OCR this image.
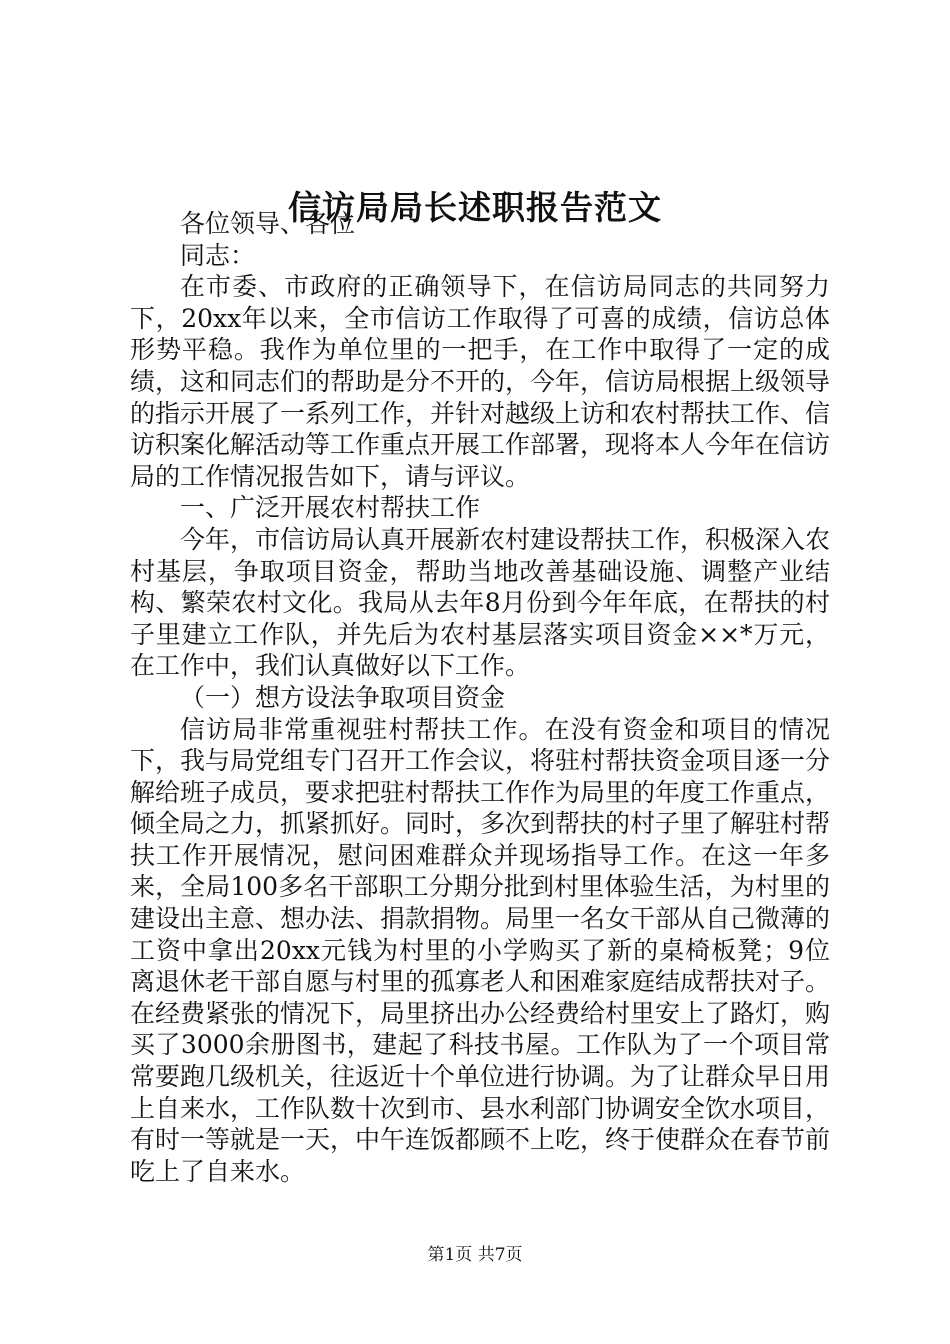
信访局局长述职报告范文

各位领导、各位

同志：

在市委、市政府的正确领导下，在信访局同志的共同努力下，20xx年以来，全市信访工作取得了可喜的成绩，信访总体形势平稳。我作为单位里的一把手，在工作中取得了一定的成绩，这和同志们的帮助是分不开的，今年，信访局根据上级领导的指示开展了一系列工作，并针对越级上访和农村帮扶工作、信访积案化解活动等工作重点开展工作部署，现将本人今年在信访局的工作情况报告如下，请与评议。

一、广泛开展农村帮扶工作

今年，市信访局认真开展新农村建设帮扶工作，积极深入农村基层，争取项目资金，帮助当地改善基础设施、调整产业结构、繁荣农村文化。我局从去年8月份到今年年底，在帮扶的村子里建立工作队，并先后为农村基层落实项目资金××*万元，在工作中，我们认真做好以下工作。

（一）想方设法争取项目资金

信访局非常重视驻村帮扶工作。在没有资金和项目的情况下，我与局党组专门召开工作会议，将驻村帮扶资金项目逐一分解给班子成员，要求把驻村帮扶工作作为局里的年度工作重点，倾全局之力，抓紧抓好。同时，多次到帮扶的村子里了解驻村帮扶工作开展情况，慰问困难群众并现场指导工作。在这一年多来，全局100多名干部职工分期分批到村里体验生活，为村里的建设出主意、想办法、捐款捐物。局里一名女干部从自己微薄的工资中拿出20xx元钱为村里的小学购买了新的桌椅板凳；9位离退休老干部自愿与村里的孤寡老人和困难家庭结成帮扶对子。在经费紧张的情况下，局里挤出办公经费给村里安上了路灯，购买了3000余册图书，建起了科技书屋。工作队为了一个项目常常要跑几级机关，往返近十个单位进行协调。为了让群众早日用上自来水，工作队数十次到市、县水利部门协调安全饮水项目，有时一等就是一天，中午连饭都顾不上吃，终于使群众在春节前吃上了自来水。

第1页 共7页
